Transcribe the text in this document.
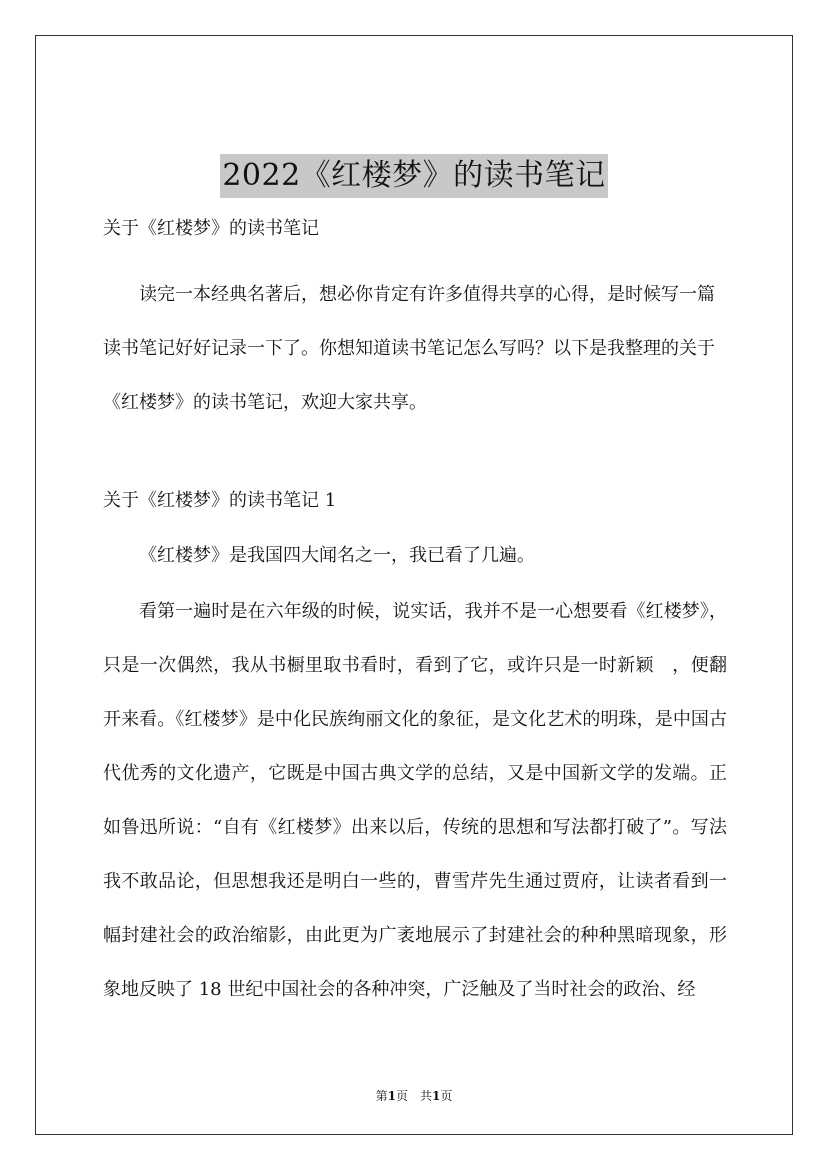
2022《红楼梦》的读书笔记
关于《红楼梦》的读书笔记

读完一本经典名著后，想必你肯定有许多值得共享的心得，是时候写一篇读书笔记好好记录一下了。你想知道读书笔记怎么写吗？以下是我整理的关于《红楼梦》的读书笔记，欢迎大家共享。

关于《红楼梦》的读书笔记 1

《红楼梦》是我国四大闻名之一，我已看了几遍。

看第一遍时是在六年级的时候，说实话，我并不是一心想要看《红楼梦》，只是一次偶然，我从书橱里取书看时，看到了它，或许只是一时新颖　，便翻开来看。《红楼梦》是中化民族绚丽文化的象征，是文化艺术的明珠，是中国古代优秀的文化遗产，它既是中国古典文学的总结，又是中国新文学的发端。正如鲁迅所说：“自有《红楼梦》出来以后，传统的思想和写法都打破了”。写法我不敢品论，但思想我还是明白一些的，曹雪芹先生通过贾府，让读者看到一幅封建社会的政治缩影，由此更为广袤地展示了封建社会的种种黑暗现象，形象地反映了 18 世纪中国社会的各种冲突，广泛触及了当时社会的政治、经

第1页　共1页
